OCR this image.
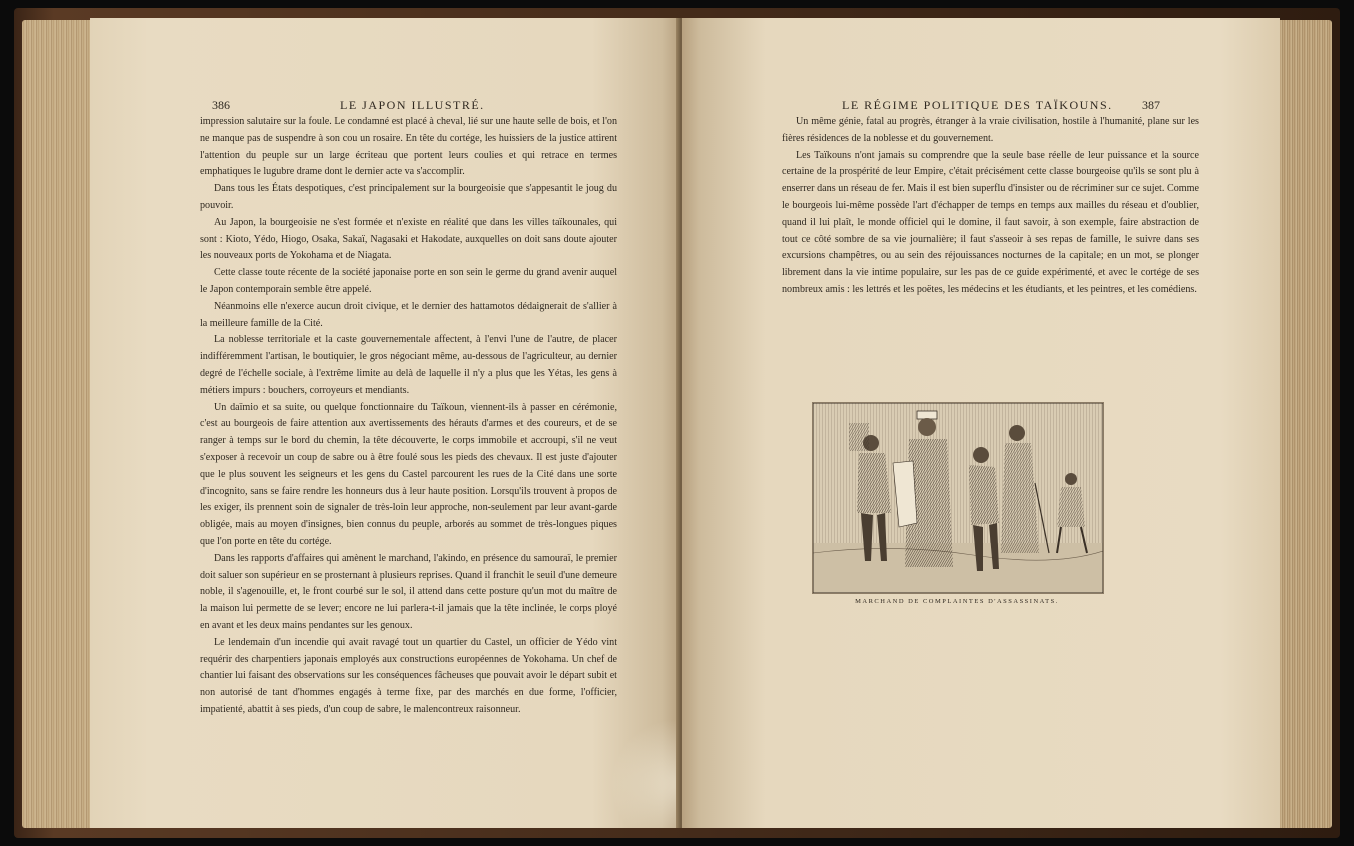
386	LE JAPON ILLUSTRÉ.

impression salutaire sur la foule. Le condamné est placé à cheval, lié sur une haute selle de bois, et l'on ne manque pas de suspendre à son cou un rosaire. En tête du cortége, les huissiers de la justice attirent l'attention du peuple sur un large écriteau que portent leurs coulies et qui retrace en termes emphatiques le lugubre drame dont le dernier acte va s'accomplir.

Dans tous les États despotiques, c'est principalement sur la bourgeoisie que s'appesantit le joug du pouvoir.

Au Japon, la bourgeoisie ne s'est formée et n'existe en réalité que dans les villes taïkounales, qui sont : Kioto, Yédo, Hiogo, Osaka, Sakaï, Nagasaki et Hakodate, auxquelles on doit sans doute ajouter les nouveaux ports de Yokohama et de Niagata.

Cette classe toute récente de la société japonaise porte en son sein le germe du grand avenir auquel le Japon contemporain semble être appelé.

Néanmoins elle n'exerce aucun droit civique, et le dernier des hattamotos dédaignerait de s'allier à la meilleure famille de la Cité.

La noblesse territoriale et la caste gouvernementale affectent, à l'envi l'une de l'autre, de placer indifféremment l'artisan, le boutiquier, le gros négociant même, au-dessous de l'agriculteur, au dernier degré de l'échelle sociale, à l'extrême limite au delà de laquelle il n'y a plus que les Yétas, les gens à métiers impurs : bouchers, corroyeurs et mendiants.

Un daïmio et sa suite, ou quelque fonctionnaire du Taïkoun, viennent-ils à passer en cérémonie, c'est au bourgeois de faire attention aux avertissements des hérauts d'armes et des coureurs, et de se ranger à temps sur le bord du chemin, la tête découverte, le corps immobile et accroupi, s'il ne veut s'exposer à recevoir un coup de sabre ou à être foulé sous les pieds des chevaux. Il est juste d'ajouter que le plus souvent les seigneurs et les gens du Castel parcourent les rues de la Cité dans une sorte d'incognito, sans se faire rendre les honneurs dus à leur haute position. Lorsqu'ils trouvent à propos de les exiger, ils prennent soin de signaler de très-loin leur approche, non-seulement par leur avant-garde obligée, mais au moyen d'insignes, bien connus du peuple, arborés au sommet de très-longues piques que l'on porte en tête du cortége.

Dans les rapports d'affaires qui amènent le marchand, l'akindo, en présence du samouraï, le premier doit saluer son supérieur en se prosternant à plusieurs reprises. Quand il franchit le seuil d'une demeure noble, il s'agenouille, et, le front courbé sur le sol, il attend dans cette posture qu'un mot du maître de la maison lui permette de se lever; encore ne lui parlera-t-il jamais que la tête inclinée, le corps ployé en avant et les deux mains pendantes sur les genoux.

Le lendemain d'un incendie qui avait ravagé tout un quartier du Castel, un officier de Yédo vint requérir des charpentiers japonais employés aux constructions européennes de Yokohama. Un chef de chantier lui faisant des observations sur les conséquences fâcheuses que pouvait avoir le départ subit et non autorisé de tant d'hommes engagés à terme fixe, par des marchés en due forme, l'officier, impatienté, abattit à ses pieds, d'un coup de sabre, le malencontreux raisonneur.

LE RÉGIME POLITIQUE DES TAÏKOUNS. 387

Un même génie, fatal au progrès, étranger à la vraie civilisation, hostile à l'humanité, plane sur les fières résidences de la noblesse et du gouvernement.

Les Taïkouns n'ont jamais su comprendre que la seule base réelle de leur puissance et la source certaine de la prospérité de leur Empire, c'était précisément cette classe bourgeoise qu'ils se sont plu à enserrer dans un réseau de fer. Mais il est bien superflu d'insister ou de récriminer sur ce sujet. Comme le bourgeois lui-même possède l'art d'échapper de temps en temps aux mailles du réseau et d'oublier, quand il lui plaît, le monde officiel qui le domine, il faut savoir, à son exemple, faire abstraction de tout ce côté sombre de sa vie journalière; il faut s'asseoir à ses repas de famille, le suivre dans ses excursions champêtres, ou au sein des réjouissances nocturnes de la capitale; en un mot, se plonger librement dans la vie intime populaire, sur les pas de ce guide expérimenté, et avec le cortége de ses nombreux amis : les lettrés et les poëtes, les médecins et les étudiants, et les peintres, et les comédiens.

MARCHAND DE COMPLAINTES D'ASSASSINATS.
